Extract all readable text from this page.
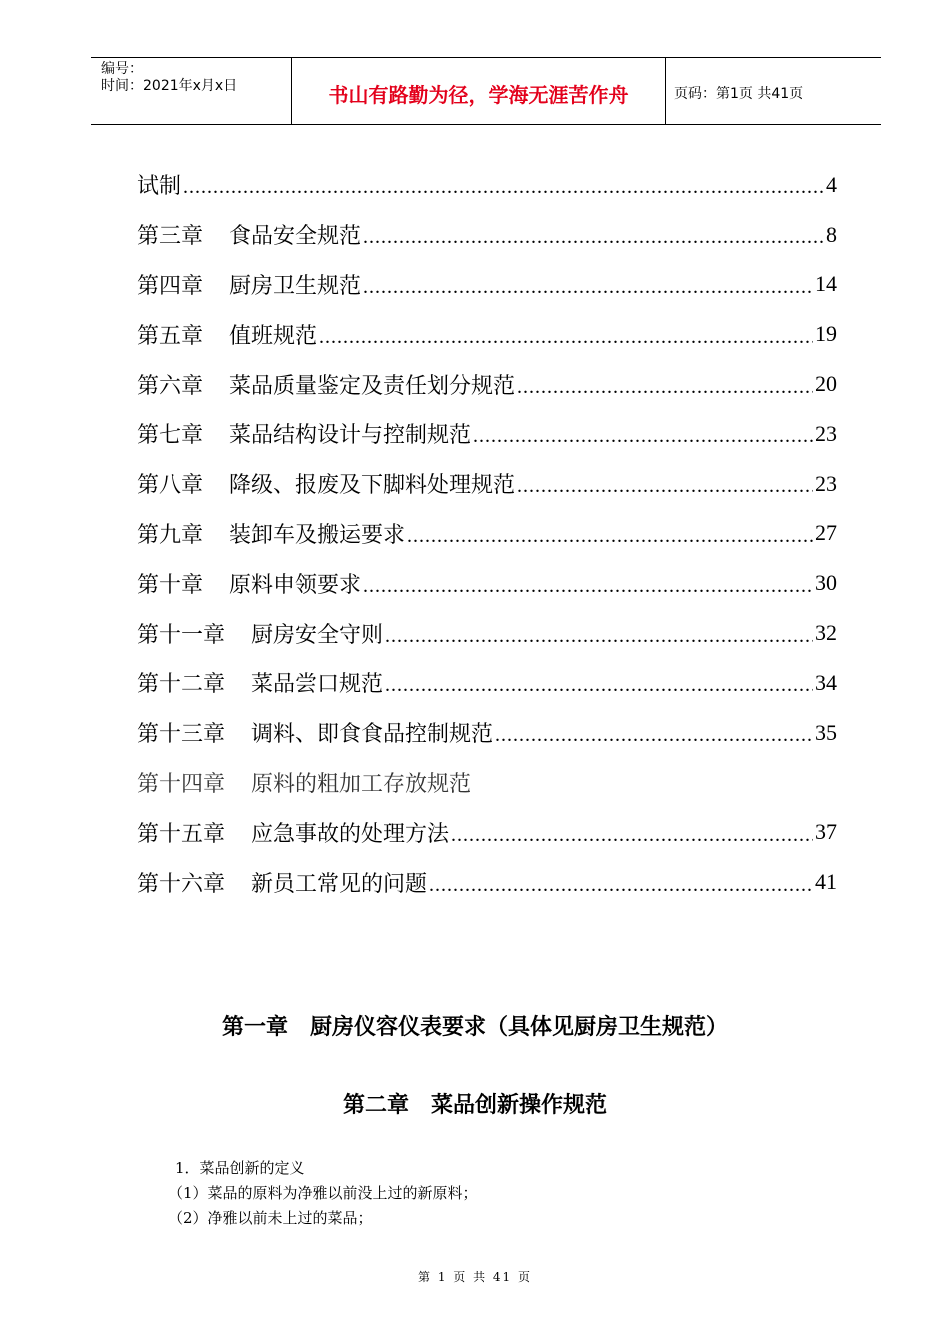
编号：
时间：2021年x月x日	书山有路勤为径，学海无涯苦作舟	页码：第1页 共41页
试制 .....	4
第三章 食品安全规范 .....	8
第四章 厨房卫生规范 .....	14
第五章 值班规范 .....	19
第六章 菜品质量鉴定及责任划分规范 .....	20
第七章 菜品结构设计与控制规范 .....	23
第八章 降级、报废及下脚料处理规范 .....	23
第九章 装卸车及搬运要求 .....	27
第十章 原料申领要求 .....	30
第十一章 厨房安全守则 .....	32
第十二章 菜品尝口规范 .....	34
第十三章 调料、即食食品控制规范 .....	35
第十四章 原料的粗加工存放规范
第十五章 应急事故的处理方法 .....	37
第十六章 新员工常见的问题 .....	41
第一章　厨房仪容仪表要求（具体见厨房卫生规范）
第二章　菜品创新操作规范
1．菜品创新的定义
（1）菜品的原料为净雅以前没上过的新原料；
（2）净雅以前未上过的菜品；
第 1 页 共 41 页
